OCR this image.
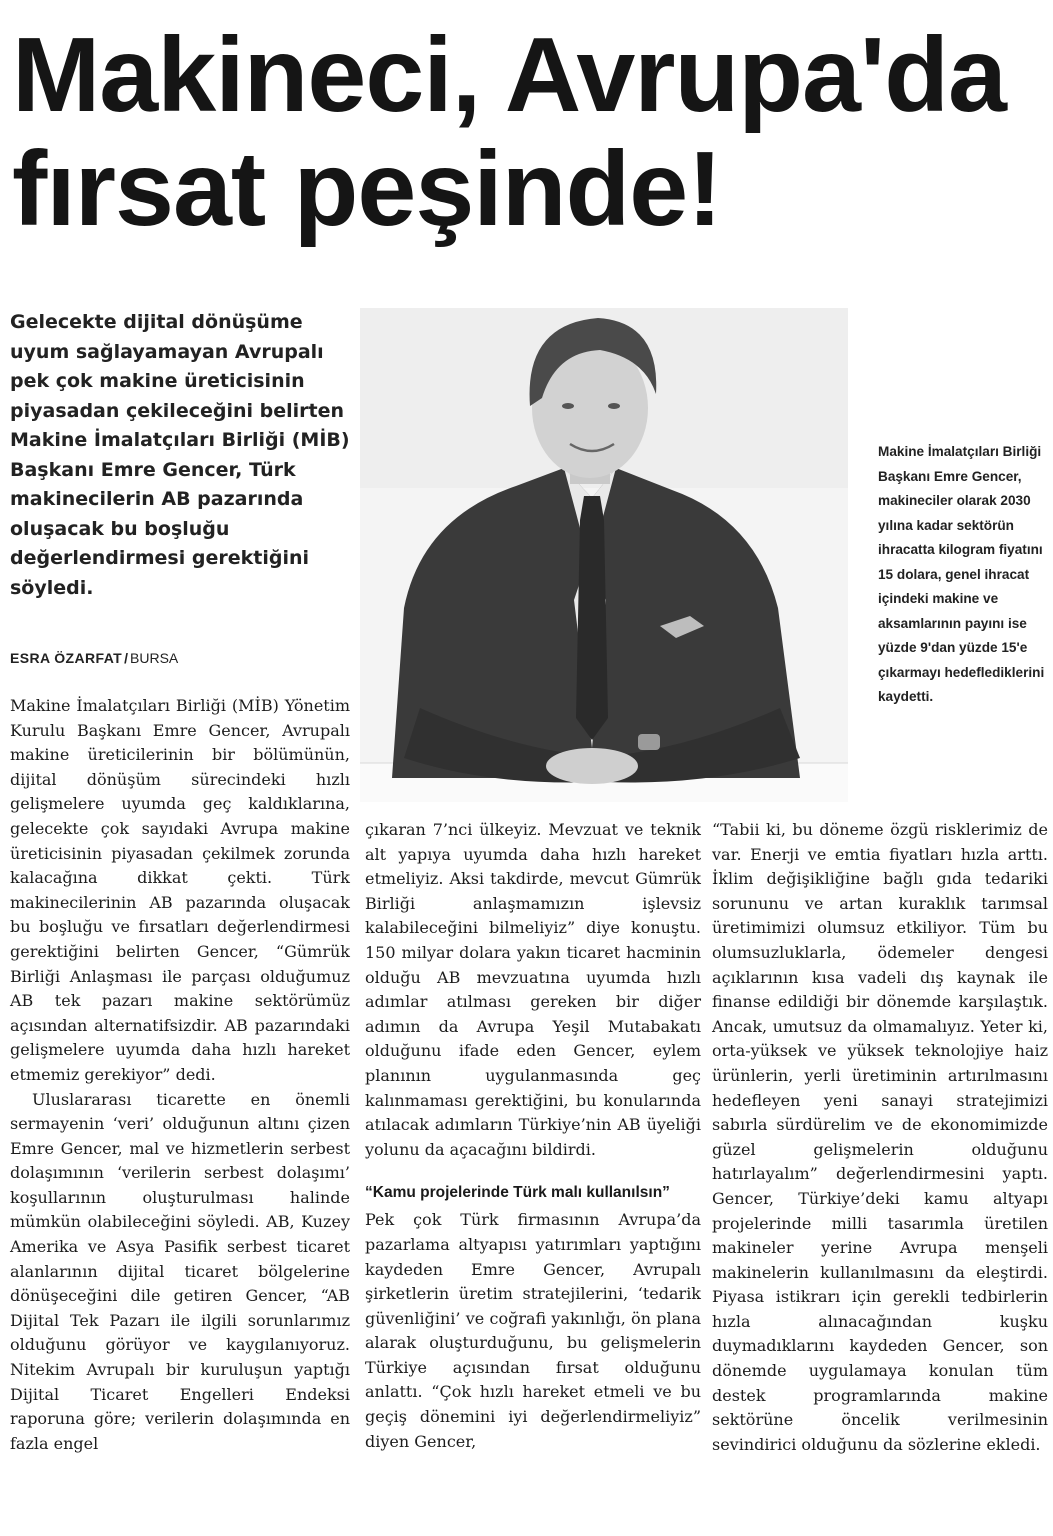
Makineci, Avrupa'da
fırsat peşinde!

Gelecekte dijital dönüşüme uyum sağlayamayan Avrupalı pek çok makine üreticisinin piyasadan çekileceğini belirten Makine İmalatçıları Birliği (MİB) Başkanı Emre Gencer, Türk makinecilerin AB pazarında oluşacak bu boşluğu değerlendirmesi gerektiğini söyledi.

ESRA ÖZARFAT / BURSA

Makine İmalatçıları Birliği Başkanı Emre Gencer, makineciler olarak 2030 yılına kadar sektörün ihracatta kilogram fiyatını 15 dolara, genel ihracat içindeki makine ve aksamlarının payını ise yüzde 9'dan yüzde 15'e çıkarmayı hedeflediklerini kaydetti.

Makine İmalatçıları Birliği (MİB) Yönetim Kurulu Başkanı Emre Gencer, Avrupalı makine üreticilerinin bir bölümünün, dijital dönüşüm sürecindeki hızlı gelişmelere uyumda geç kaldıklarına, gelecekte çok sayıdaki Avrupa makine üreticisinin piyasadan çekilmek zorunda kalacağına dikkat çekti. Türk makinecilerinin AB pazarında oluşacak bu boşluğu ve fırsatları değerlendirmesi gerektiğini belirten Gencer, “Gümrük Birliği Anlaşması ile parçası olduğumuz AB tek pazarı makine sektörümüz açısından alternatifsizdir. AB pazarındaki gelişmelere uyumda daha hızlı hareket etmemiz gerekiyor” dedi.

Uluslararası ticarette en önemli sermayenin ‘veri’ olduğunun altını çizen Emre Gencer, mal ve hizmetlerin serbest dolaşımının ‘verilerin serbest dolaşımı’ koşullarının oluşturulması halinde mümkün olabileceğini söyledi. AB, Kuzey Amerika ve Asya Pasifik serbest ticaret alanlarının dijital ticaret bölgelerine dönüşeceğini dile getiren Gencer, “AB Dijital Tek Pazarı ile ilgili sorunlarımız olduğunu görüyor ve kaygılanıyoruz. Nitekim Avrupalı bir kuruluşun yaptığı Dijital Ticaret Engelleri Endeksi raporuna göre; verilerin dolaşımında en fazla engel

çıkaran 7’nci ülkeyiz. Mevzuat ve teknik alt yapıya uyumda daha hızlı hareket etmeliyiz. Aksi takdirde, mevcut Gümrük Birliği anlaşmamızın işlevsiz kalabileceğini bilmeliyiz” diye konuştu. 150 milyar dolara yakın ticaret hacminin olduğu AB mevzuatına uyumda hızlı adımlar atılması gereken bir diğer adımın da Avrupa Yeşil Mutabakatı olduğunu ifade eden Gencer, eylem planının uygulanmasında geç kalınmaması gerektiğini, bu konularında atılacak adımların Türkiye’nin AB üyeliği yolunu da açacağını bildirdi.

“Kamu projelerinde Türk malı kullanılsın”

Pek çok Türk firmasının Avrupa’da pazarlama altyapısı yatırımları yaptığını kaydeden Emre Gencer, Avrupalı şirketlerin üretim stratejilerini, ‘tedarik güvenliğini’ ve coğrafi yakınlığı, ön plana alarak oluşturduğunu, bu gelişmelerin Türkiye açısından fırsat olduğunu anlattı. “Çok hızlı hareket etmeli ve bu geçiş dönemini iyi değerlendirmeliyiz” diyen Gencer,

“Tabii ki, bu döneme özgü risklerimiz de var. Enerji ve emtia fiyatları hızla arttı. İklim değişikliğine bağlı gıda tedariki sorununu ve artan kuraklık tarımsal üretimimizi olumsuz etkiliyor. Tüm bu olumsuzluklarla, ödemeler dengesi açıklarının kısa vadeli dış kaynak ile finanse edildiği bir dönemde karşılaştık. Ancak, umutsuz da olmamalıyız. Yeter ki, orta-yüksek ve yüksek teknolojiye haiz ürünlerin, yerli üretiminin artırılmasını hedefleyen yeni sanayi stratejimizi sabırla sürdürelim ve de ekonomimizde güzel gelişmelerin olduğunu hatırlayalım” değerlendirmesini yaptı. Gencer, Türkiye’deki kamu altyapı projelerinde milli tasarımla üretilen makineler yerine Avrupa menşeli makinelerin kullanılmasını da eleştirdi. Piyasa istikrarı için gerekli tedbirlerin hızla alınacağından kuşku duymadıklarını kaydeden Gencer, son dönemde uygulamaya konulan tüm destek programlarında makine sektörüne öncelik verilmesinin sevindirici olduğunu da sözlerine ekledi.
